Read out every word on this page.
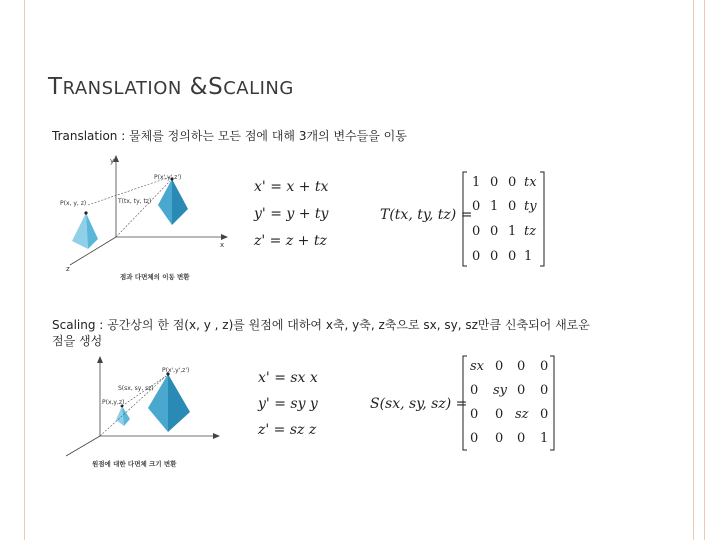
TRANSLATION &SCALING
Translation : 물체를 정의하는 모든 점에 대해 3개의 변수들을 이동
y
x
z
P(x',y',z')
T(tx, ty, tz)
P(x, y, z)
점과 다면체의 이동 변환
x' = x + tx
y' = y + ty
z' = z + tz
T(tx, ty, tz) =
1 0 0 tx
0 1 0 ty
0 0 1 tz
0 0 0 1
Scaling : 공간상의 한 점(x, y , z)를 원점에 대하여 x축, y축, z축으로 sx, sy, sz만큼 신축되어 새로운
점을 생성
P(x',y',z')
S(sx, sy, sz)
P(x,y,z)
원점에 대한 다면체 크기 변환
x' = sx x
y' = sy y
z' = sz z
S(sx, sy, sz) =
sx 0 0 0
0 sy 0 0
0 0 sz 0
0 0 0 1
